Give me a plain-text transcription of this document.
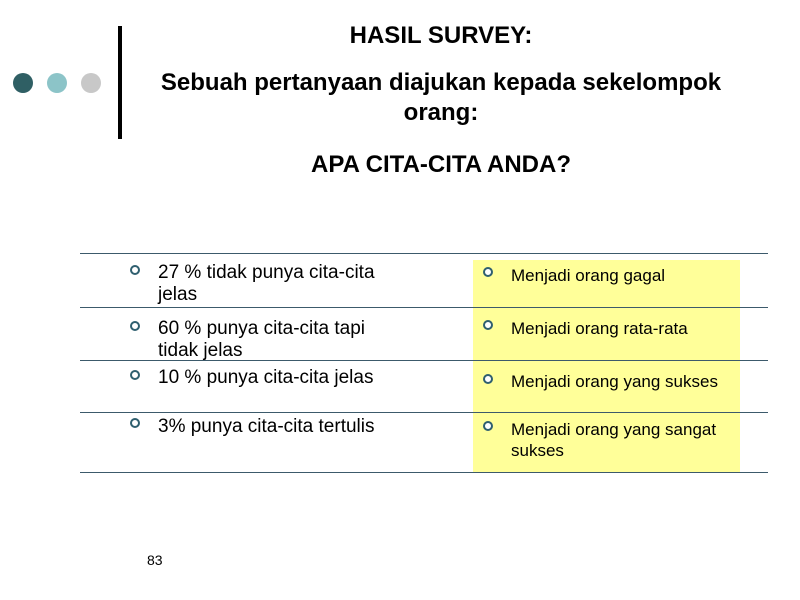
HASIL SURVEY:
Sebuah pertanyaan diajukan kepada sekelompok orang:
APA CITA-CITA ANDA?
27 % tidak punya cita-cita jelas
Menjadi orang gagal
60 % punya cita-cita tapi tidak jelas
Menjadi orang rata-rata
10 % punya cita-cita jelas	Menjadi orang yang sukses
3% punya cita-cita tertulis	Menjadi orang yang sangat sukses
83
